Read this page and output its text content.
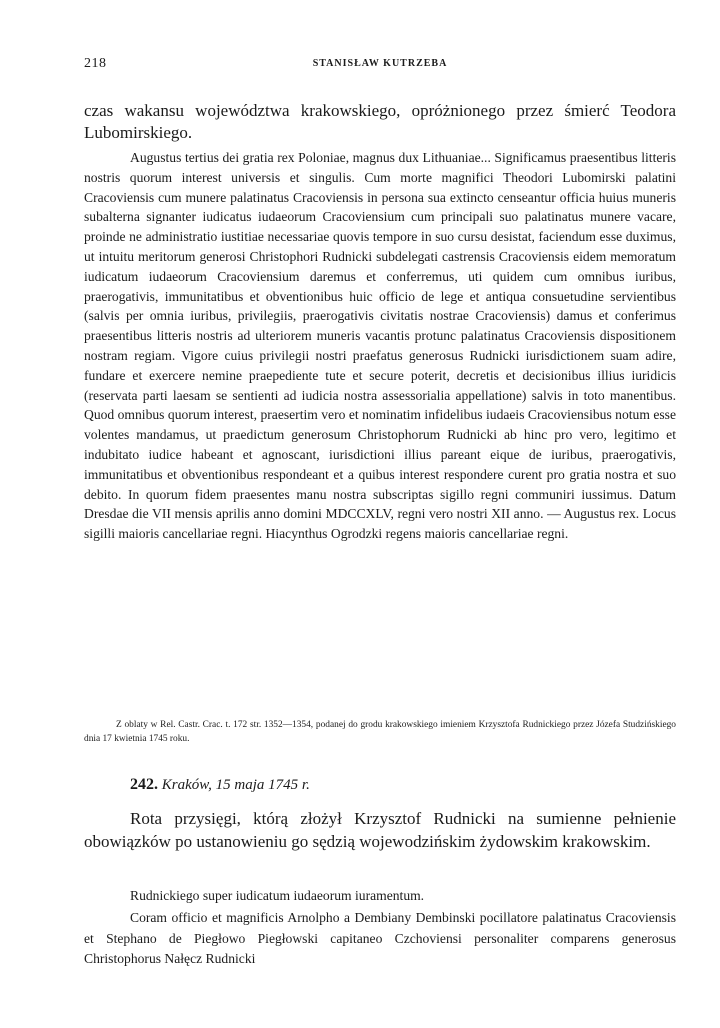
218	STANISŁAW KUTRZEBA
czas wakansu województwa krakowskiego, opróżnionego przez śmierć Teodora Lubomirskiego.

Augustus tertius dei gratia rex Poloniae, magnus dux Lithuaniae... Significamus praesentibus litteris nostris quorum interest universis et singulis. Cum morte magnifici Theodori Lubomirski palatini Cracoviensis cum munere palatinatus Cracoviensis in persona sua extincto censeantur officia huius muneris subalterna signanter iudicatus iudaeorum Cracoviensium cum principali suo palatinatus munere vacare, proinde ne administratio iustitiae necessariae quovis tempore in suo cursu desistat, faciendum esse duximus, ut intuitu meritorum generosi Christophori Rudnicki subdelegati castrensis Cracoviensis eidem memoratum iudicatum iudaeorum Cracoviensium daremus et conferremus, uti quidem cum omnibus iuribus, praerogativis, immunitatibus et obventionibus huic officio de lege et antiqua consuetudine servientibus (salvis per omnia iuribus, privilegiis, praerogativis civitatis nostrae Cracoviensis) damus et conferimus praesentibus litteris nostris ad ulteriorem muneris vacantis protunc palatinatus Cracoviensis dispositionem nostram regiam. Vigore cuius privilegii nostri praefatus generosus Rudnicki iurisdictionem suam adire, fundare et exercere nemine praepediente tute et secure poterit, decretis et decisionibus illius iuridicis (reservata parti laesam se sentienti ad iudicia nostra assessorialia appellatione) salvis in toto manentibus. Quod omnibus quorum interest, praesertim vero et nominatim infidelibus iudaeis Cracoviensibus notum esse volentes mandamus, ut praedictum generosum Christophorum Rudnicki ab hinc pro vero, legitimo et indubitato iudice habeant et agnoscant, iurisdictioni illius pareant eique de iuribus, praerogativis, immunitatibus et obventionibus respondeant et a quibus interest respondere curent pro gratia nostra et suo debito. In quorum fidem praesentes manu nostra subscriptas sigillo regni communiri iussimus. Datum Dresdae die VII mensis aprilis anno domini MDCCXLV, regni vero nostri XII anno. — Augustus rex. Locus sigilli maioris cancellariae regni. Hiacynthus Ogrodzki regens maioris cancellariae regni.

Z oblaty w Rel. Castr. Crac. t. 172 str. 1352—1354, podanej do grodu krakowskiego imieniem Krzysztofa Rudnickiego przez Józefa Studzińskiego dnia 17 kwietnia 1745 roku.

242. Kraków, 15 maja 1745 r.

Rota przysięgi, którą złożył Krzysztof Rudnicki na sumienne pełnienie obowiązków po ustanowieniu go sędzią wojewodzińskim żydowskim krakowskim.

Rudnickiego super iudicatum iudaeorum iuramentum.

Coram officio et magnificis Arnolpho a Dembiany Dembinski pocillatore palatinatus Cracoviensis et Stephano de Piegłowo Piegłowski capitaneo Czchoviensi personaliter comparens generosus Christophorus Nałęcz Rudnicki
